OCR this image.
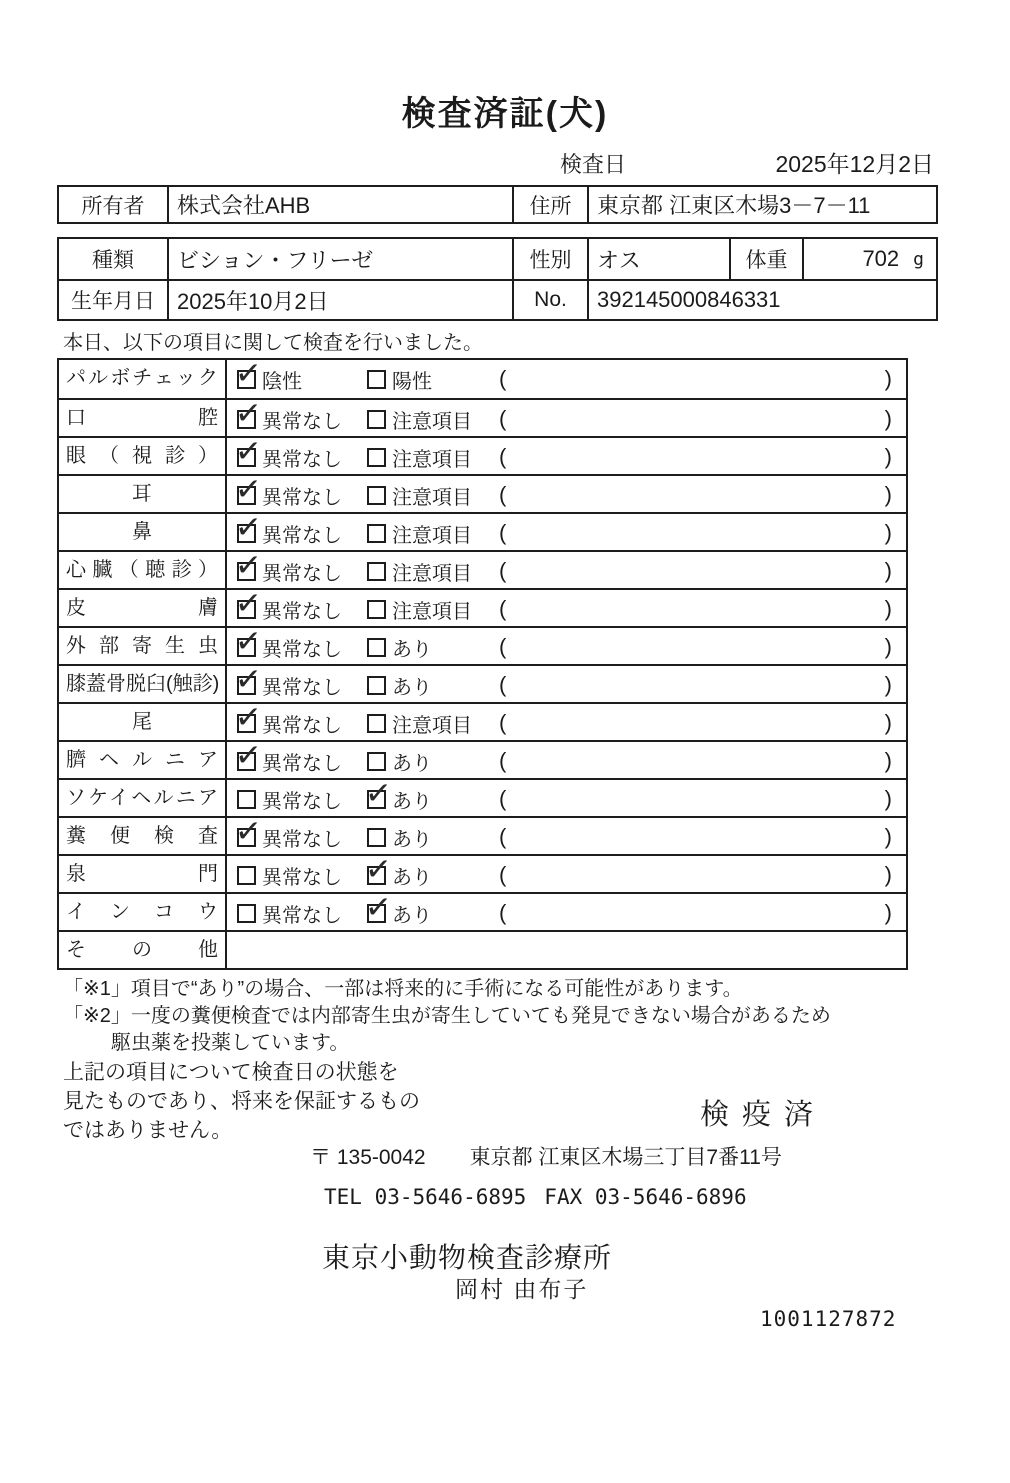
検査済証(犬)
検査日	2025年12月2日
所有者	株式会社AHB	住所	東京都 江東区木場3－7－11
種類	ビション・フリーゼ	性別	オス	体重	702 g
生年月日	2025年10月2日	No.	392145000846331
本日、以下の項目に関して検査を行いました。
パルボチェック ✓	陰性	陽性	(	)
口腔 ✓	異常なし	注意項目 (	)
眼（視診） ✓	異常なし	注意項目 (	)
耳 ✓	異常なし	注意項目 (	)
鼻 ✓	異常なし	注意項目 (	)
心臓（聴診） ✓	異常なし	注意項目 (	)
皮膚 ✓	異常なし	注意項目 (	)
外部寄生虫 ✓	異常なし	あり	(	)
膝蓋骨脱臼(触診) ✓	異常なし	あり	(	)
尾 ✓	異常なし	注意項目 (	)
臍ヘルニア ✓	異常なし	あり	(	)
ソケイヘルニア	異常なし ✓	あり	(	)
糞便検査 ✓	異常なし	あり	(	)
泉門	異常なし ✓	あり	(	)
インコウ	異常なし ✓	あり	(	)
その他
「※1」項目で“あり”の場合、一部は将来的に手術になる可能性があります。
「※2」一度の糞便検査では内部寄生虫が寄生していても発見できない場合があるため
駆虫薬を投薬しています。
上記の項目について検査日の状態を
見たものであり、将来を保証するもの
ではありません。	検疫済
〒 135-0042 東京都 江東区木場三丁目7番11号
TEL 03-5646-6895 FAX 03-5646-6896
東京小動物検査診療所
岡村 由布子
1001127872
